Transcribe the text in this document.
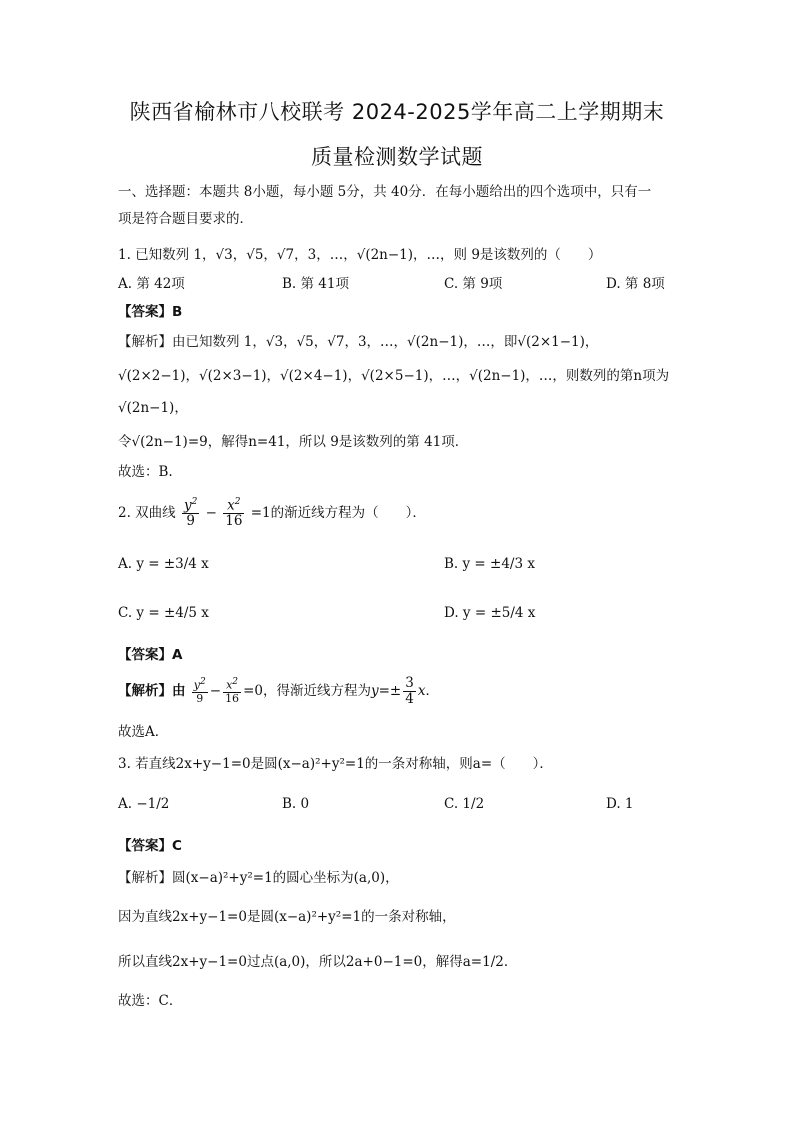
陕西省榆林市八校联考 2024-2025学年高二上学期期末
质量检测数学试题
一、选择题：本题共 8小题，每小题 5分，共 40分．在每小题给出的四个选项中，只有一
项是符合题目要求的．
1. 已知数列 1，√3，√5，√7，3，…，√(2n−1)，…，则 9是该数列的（　　）
A. 第 42项	B. 第 41项	C. 第 9项	D. 第 8项
【答案】B
【解析】由已知数列 1，√3，√5，√7，3，…，√(2n−1)，…，即√(2×1−1)，
√(2×2−1)，√(2×3−1)，√(2×4−1)，√(2×5−1)，…，√(2n−1)，…，则数列的第n项为
√(2n−1)，
令√(2n−1)=9，解得n=41，所以 9是该数列的第 41项．
故选：B.
2. 双曲线 $\frac{y^2}{9} - \frac{x^2}{16} =1$的渐近线方程为（　　）．
A. y = ±3/4 x	B. y = ±4/3 x
C. y = ±4/5 x	D. y = ±5/4 x
【答案】A
【解析】由 $\frac{y^2}{9} - \frac{x^2}{16} =0$，得渐近线方程为$y=\pm \frac{3}{4}$ x．
故选A．
3. 若直线2x+y−1=0是圆(x−a)²+y²=1的一条对称轴，则a=（　　）．
A. −1/2	B. 0	C. 1/2	D. 1
【答案】C
【解析】圆(x−a)²+y²=1的圆心坐标为(a,0)，
因为直线2x+y−1=0是圆(x−a)²+y²=1的一条对称轴，
所以直线2x+y−1=0过点(a,0)，所以2a+0−1=0，解得a=1/2．
故选：C．
